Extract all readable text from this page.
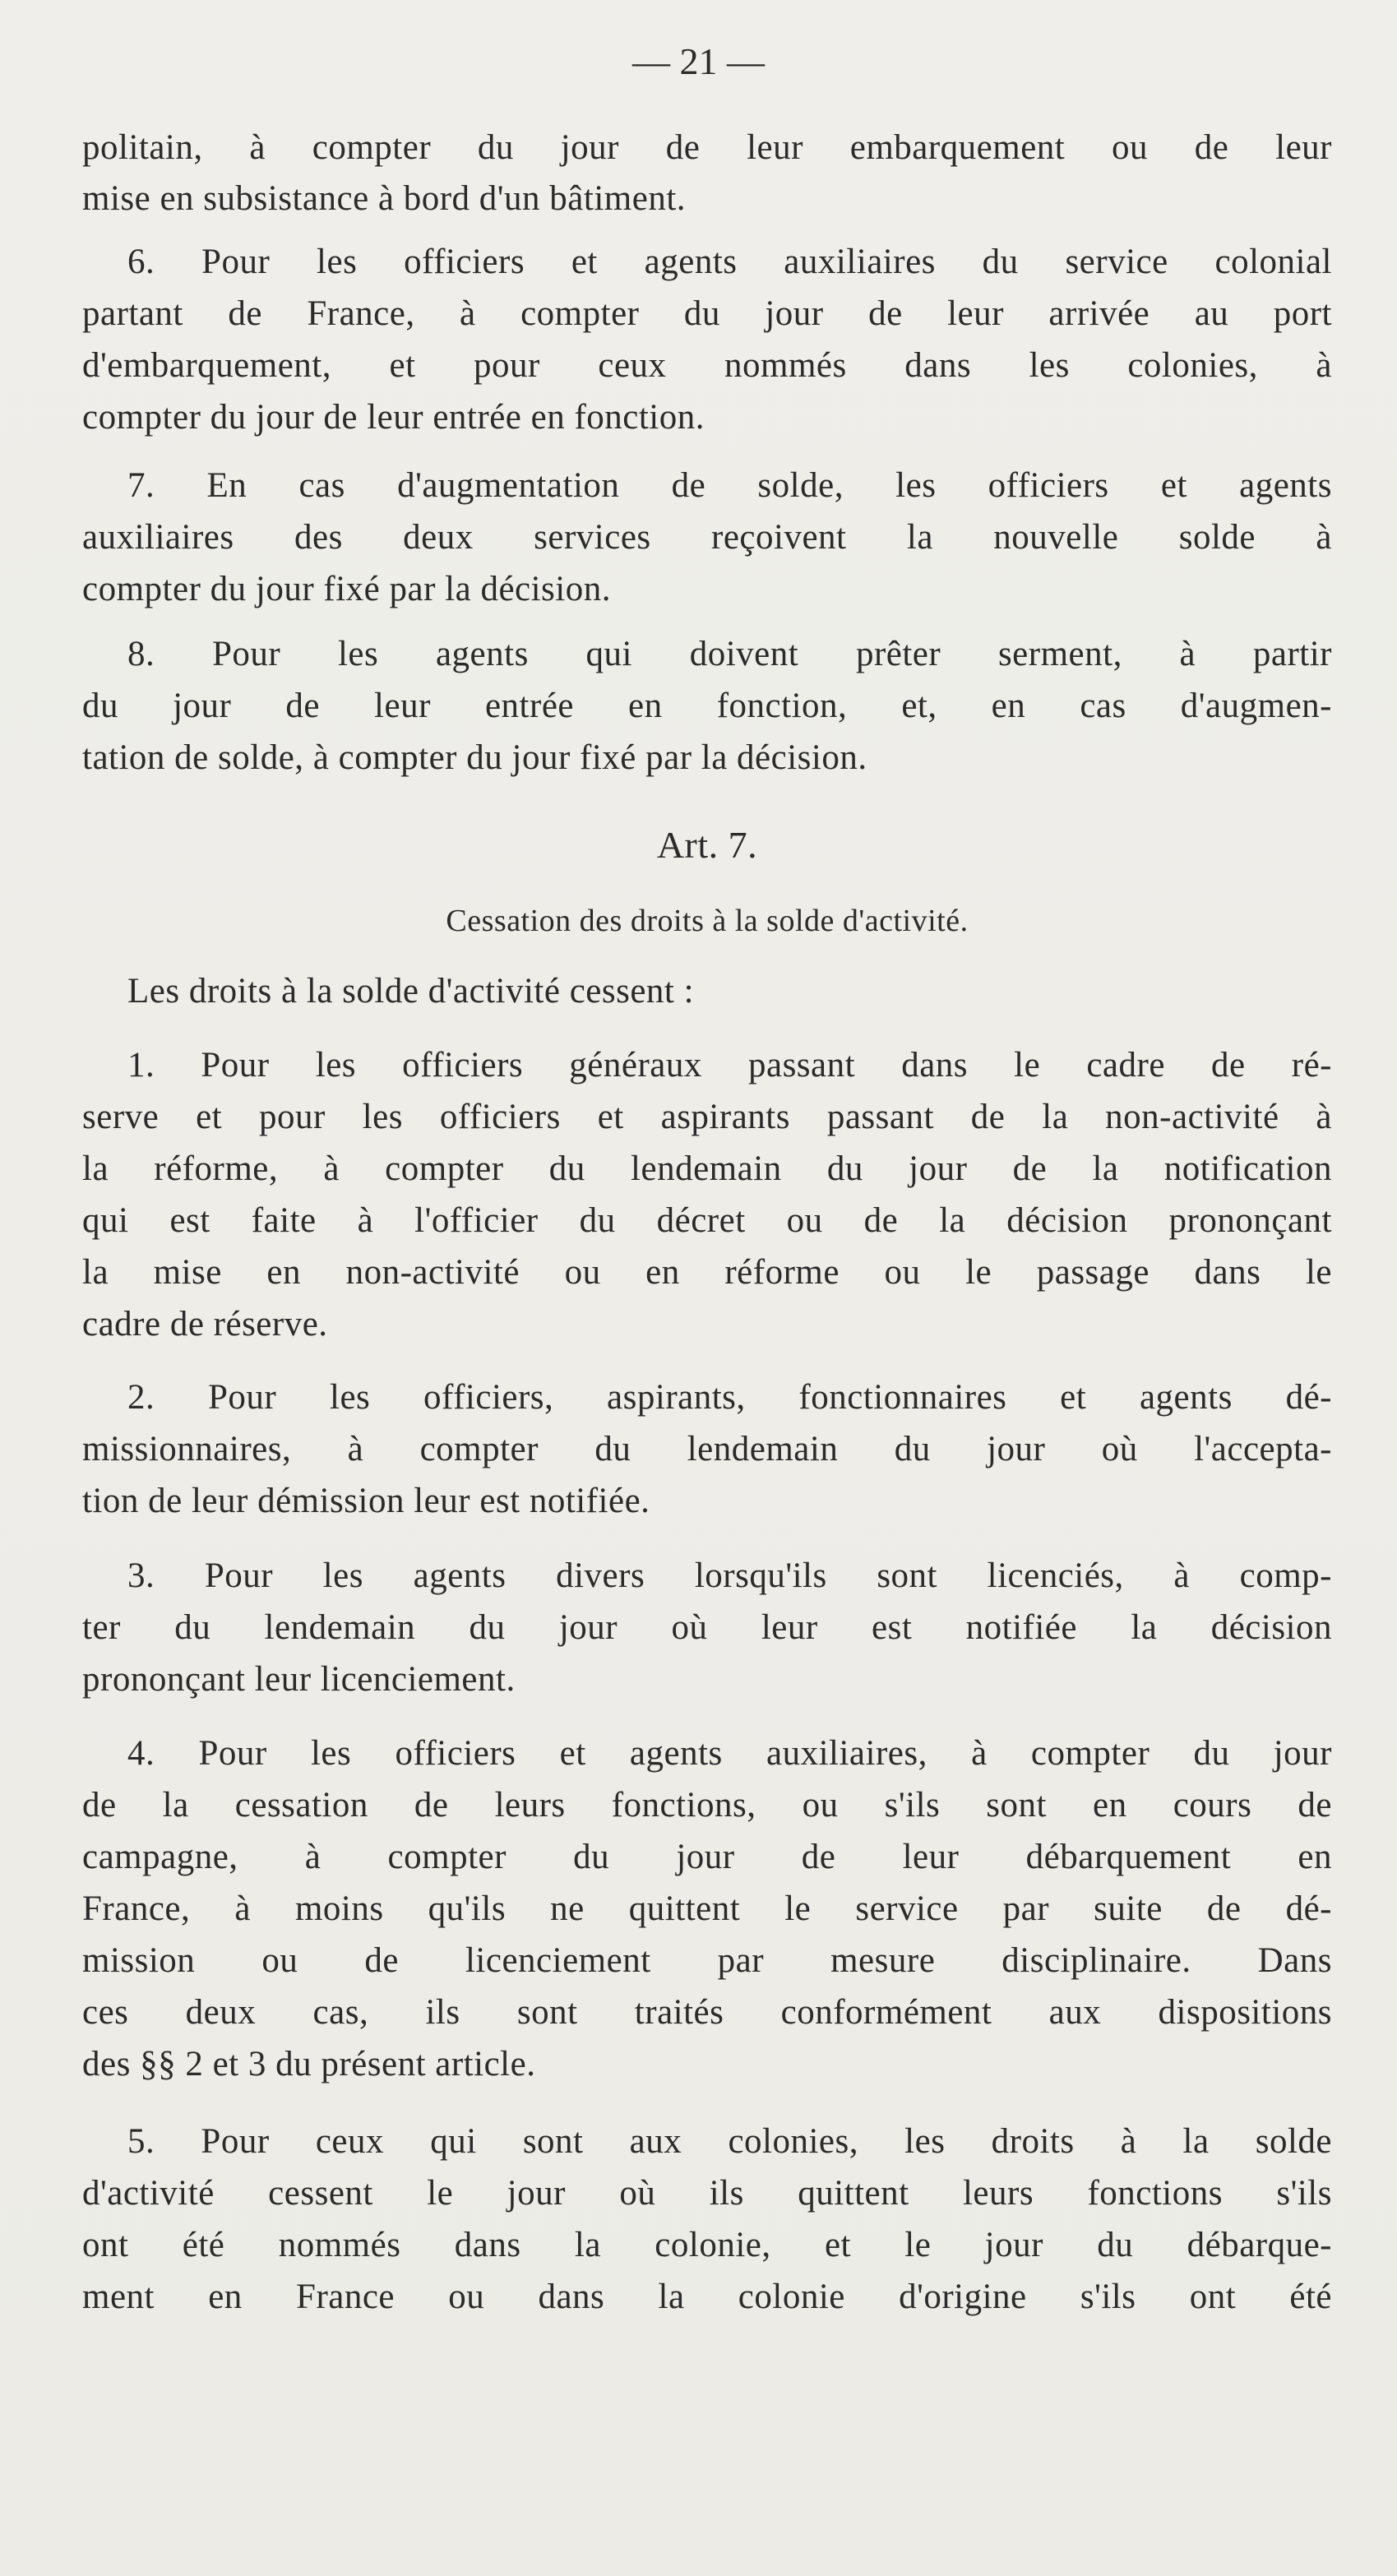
— 21 —
politain, à compter du jour de leur embarquement ou de leur
mise en subsistance à bord d'un bâtiment.
6. Pour les officiers et agents auxiliaires du service colonial
partant de France, à compter du jour de leur arrivée au port
d'embarquement, et pour ceux nommés dans les colonies, à
compter du jour de leur entrée en fonction.
7. En cas d'augmentation de solde, les officiers et agents
auxiliaires des deux services reçoivent la nouvelle solde à
compter du jour fixé par la décision.
8. Pour les agents qui doivent prêter serment, à partir
du jour de leur entrée en fonction, et, en cas d'augmen-
tation de solde, à compter du jour fixé par la décision.
Art. 7.
Cessation des droits à la solde d'activité.
Les droits à la solde d'activité cessent :
1. Pour les officiers généraux passant dans le cadre de ré-
serve et pour les officiers et aspirants passant de la non-activité à
la réforme, à compter du lendemain du jour de la notification
qui est faite à l'officier du décret ou de la décision prononçant
la mise en non-activité ou en réforme ou le passage dans le
cadre de réserve.
2. Pour les officiers, aspirants, fonctionnaires et agents dé-
missionnaires, à compter du lendemain du jour où l'accepta-
tion de leur démission leur est notifiée.
3. Pour les agents divers lorsqu'ils sont licenciés, à comp-
ter du lendemain du jour où leur est notifiée la décision
prononçant leur licenciement.
4. Pour les officiers et agents auxiliaires, à compter du jour
de la cessation de leurs fonctions, ou s'ils sont en cours de
campagne, à compter du jour de leur débarquement en
France, à moins qu'ils ne quittent le service par suite de dé-
mission ou de licenciement par mesure disciplinaire. Dans
ces deux cas, ils sont traités conformément aux dispositions
des §§ 2 et 3 du présent article.
5. Pour ceux qui sont aux colonies, les droits à la solde
d'activité cessent le jour où ils quittent leurs fonctions s'ils
ont été nommés dans la colonie, et le jour du débarque-
ment en France ou dans la colonie d'origine s'ils ont été
